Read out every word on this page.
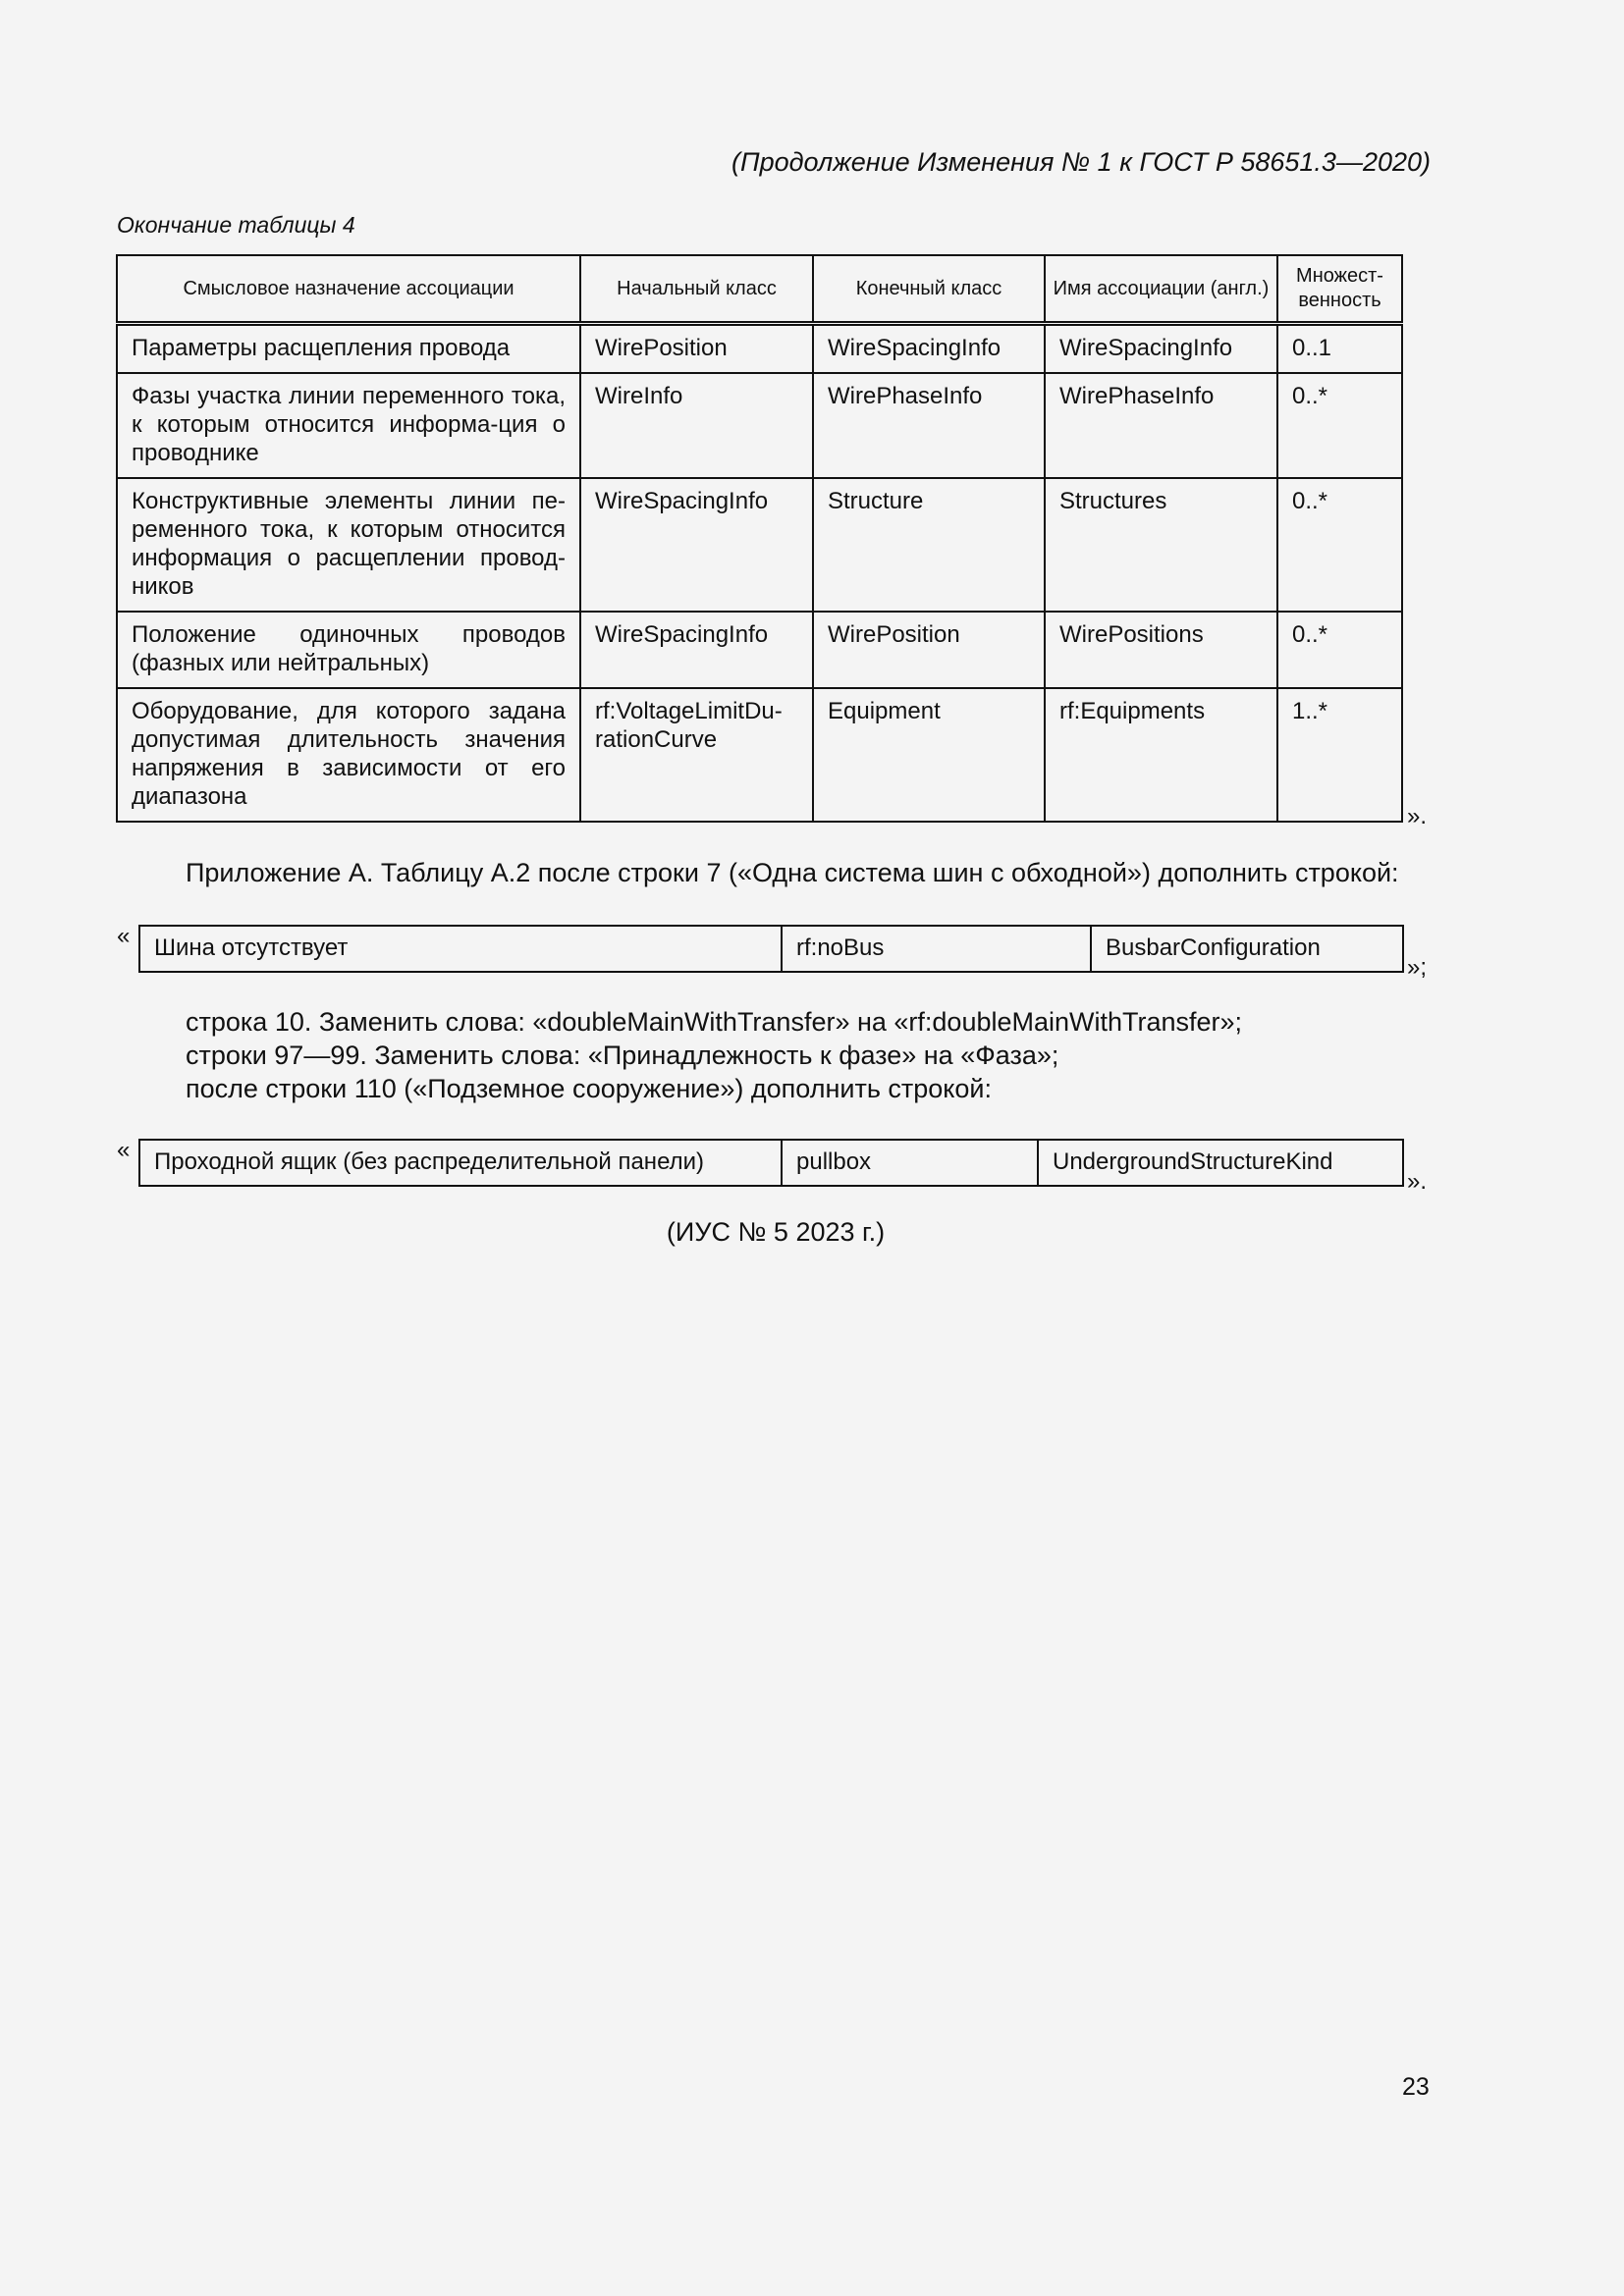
(Продолжение Изменения № 1 к ГОСТ Р 58651.3—2020)
Окончание таблицы 4
Смысловое назначение ассоциации	Начальный класс	Конечный класс	Имя ассоциации (англ.)	Множест-венность
Параметры расщепления провода	WirePosition	WireSpacingInfo	WireSpacingInfo	0..1
Фазы участка линии переменного тока, к которым относится информа-ция о проводнике	WireInfo	WirePhaseInfo	WirePhaseInfo	0..*
Конструктивные элементы линии пе-ременного тока, к которым относится информация о расщеплении провод-ников	WireSpacingInfo	Structure	Structures	0..*
Положение одиночных проводов (фазных или нейтральных)	WireSpacingInfo	WirePosition	WirePositions	0..*
Оборудование, для которого задана допустимая длительность значения напряжения в зависимости от его диапазона	rf:VoltageLimitDu-rationCurve	Equipment	rf:Equipments	1..*
».
Приложение А. Таблицу А.2 после строки 7 («Одна система шин с обходной») дополнить строкой:
« Шина отсутствует	rf:noBus	BusbarConfiguration
»;
строка 10. Заменить слова: «doubleMainWithTransfer» на «rf:doubleMainWithTransfer»;
строки 97—99. Заменить слова: «Принадлежность к фазе» на «Фаза»;
после строки 110 («Подземное сооружение») дополнить строкой:
« Проходной ящик (без распределительной панели)	pullbox	UndergroundStructureKind
».
(ИУС № 5 2023 г.)
23
